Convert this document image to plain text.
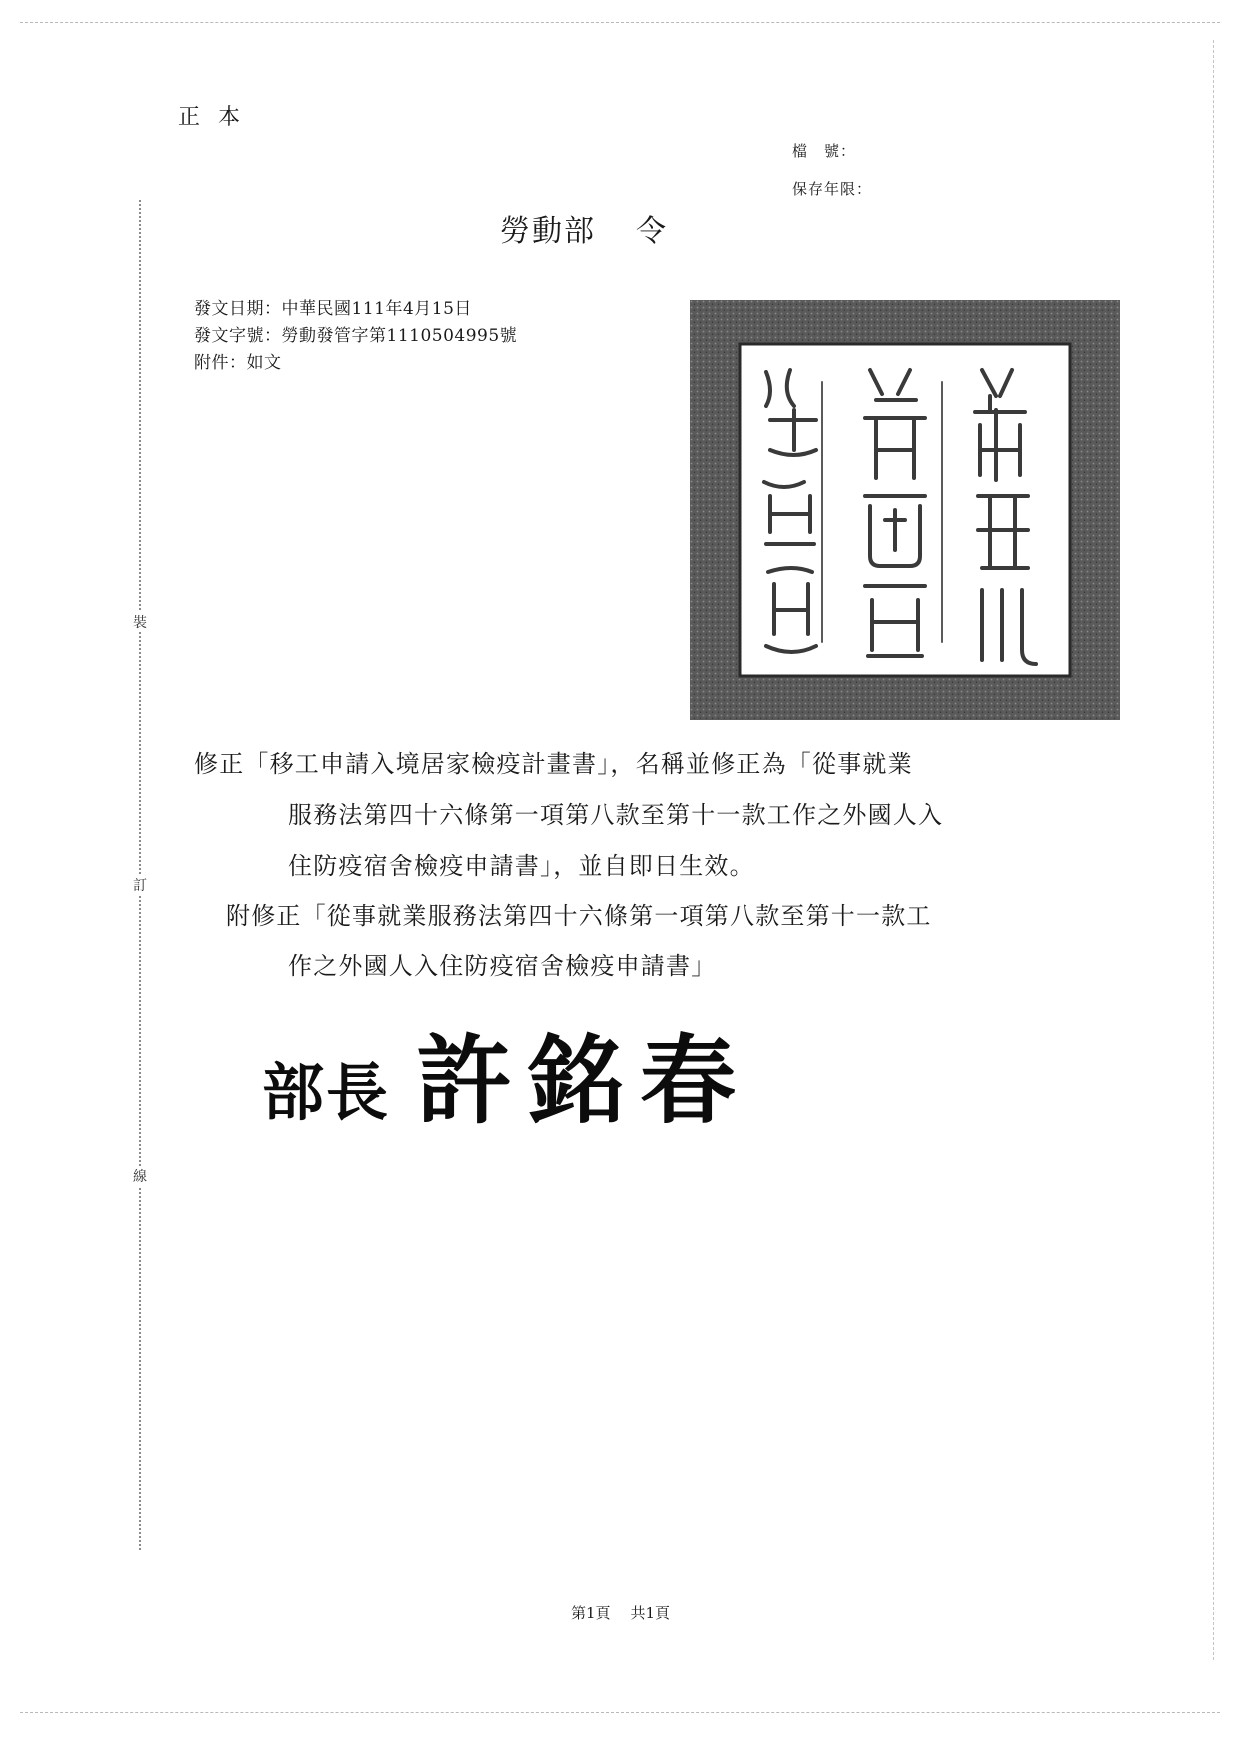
裝
訂
線
正本
檔　號：
保存年限：
勞動部 令
發文日期：中華民國111年4月15日
發文字號：勞動發管字第1110504995號
附件：如文
修正「移工申請入境居家檢疫計畫書」，名稱並修正為「從事就業
服務法第四十六條第一項第八款至第十一款工作之外國人入
住防疫宿舍檢疫申請書」，並自即日生效。
附修正「從事就業服務法第四十六條第一項第八款至第十一款工
作之外國人入住防疫宿舍檢疫申請書」
部長 許銘春
第1頁 共1頁
